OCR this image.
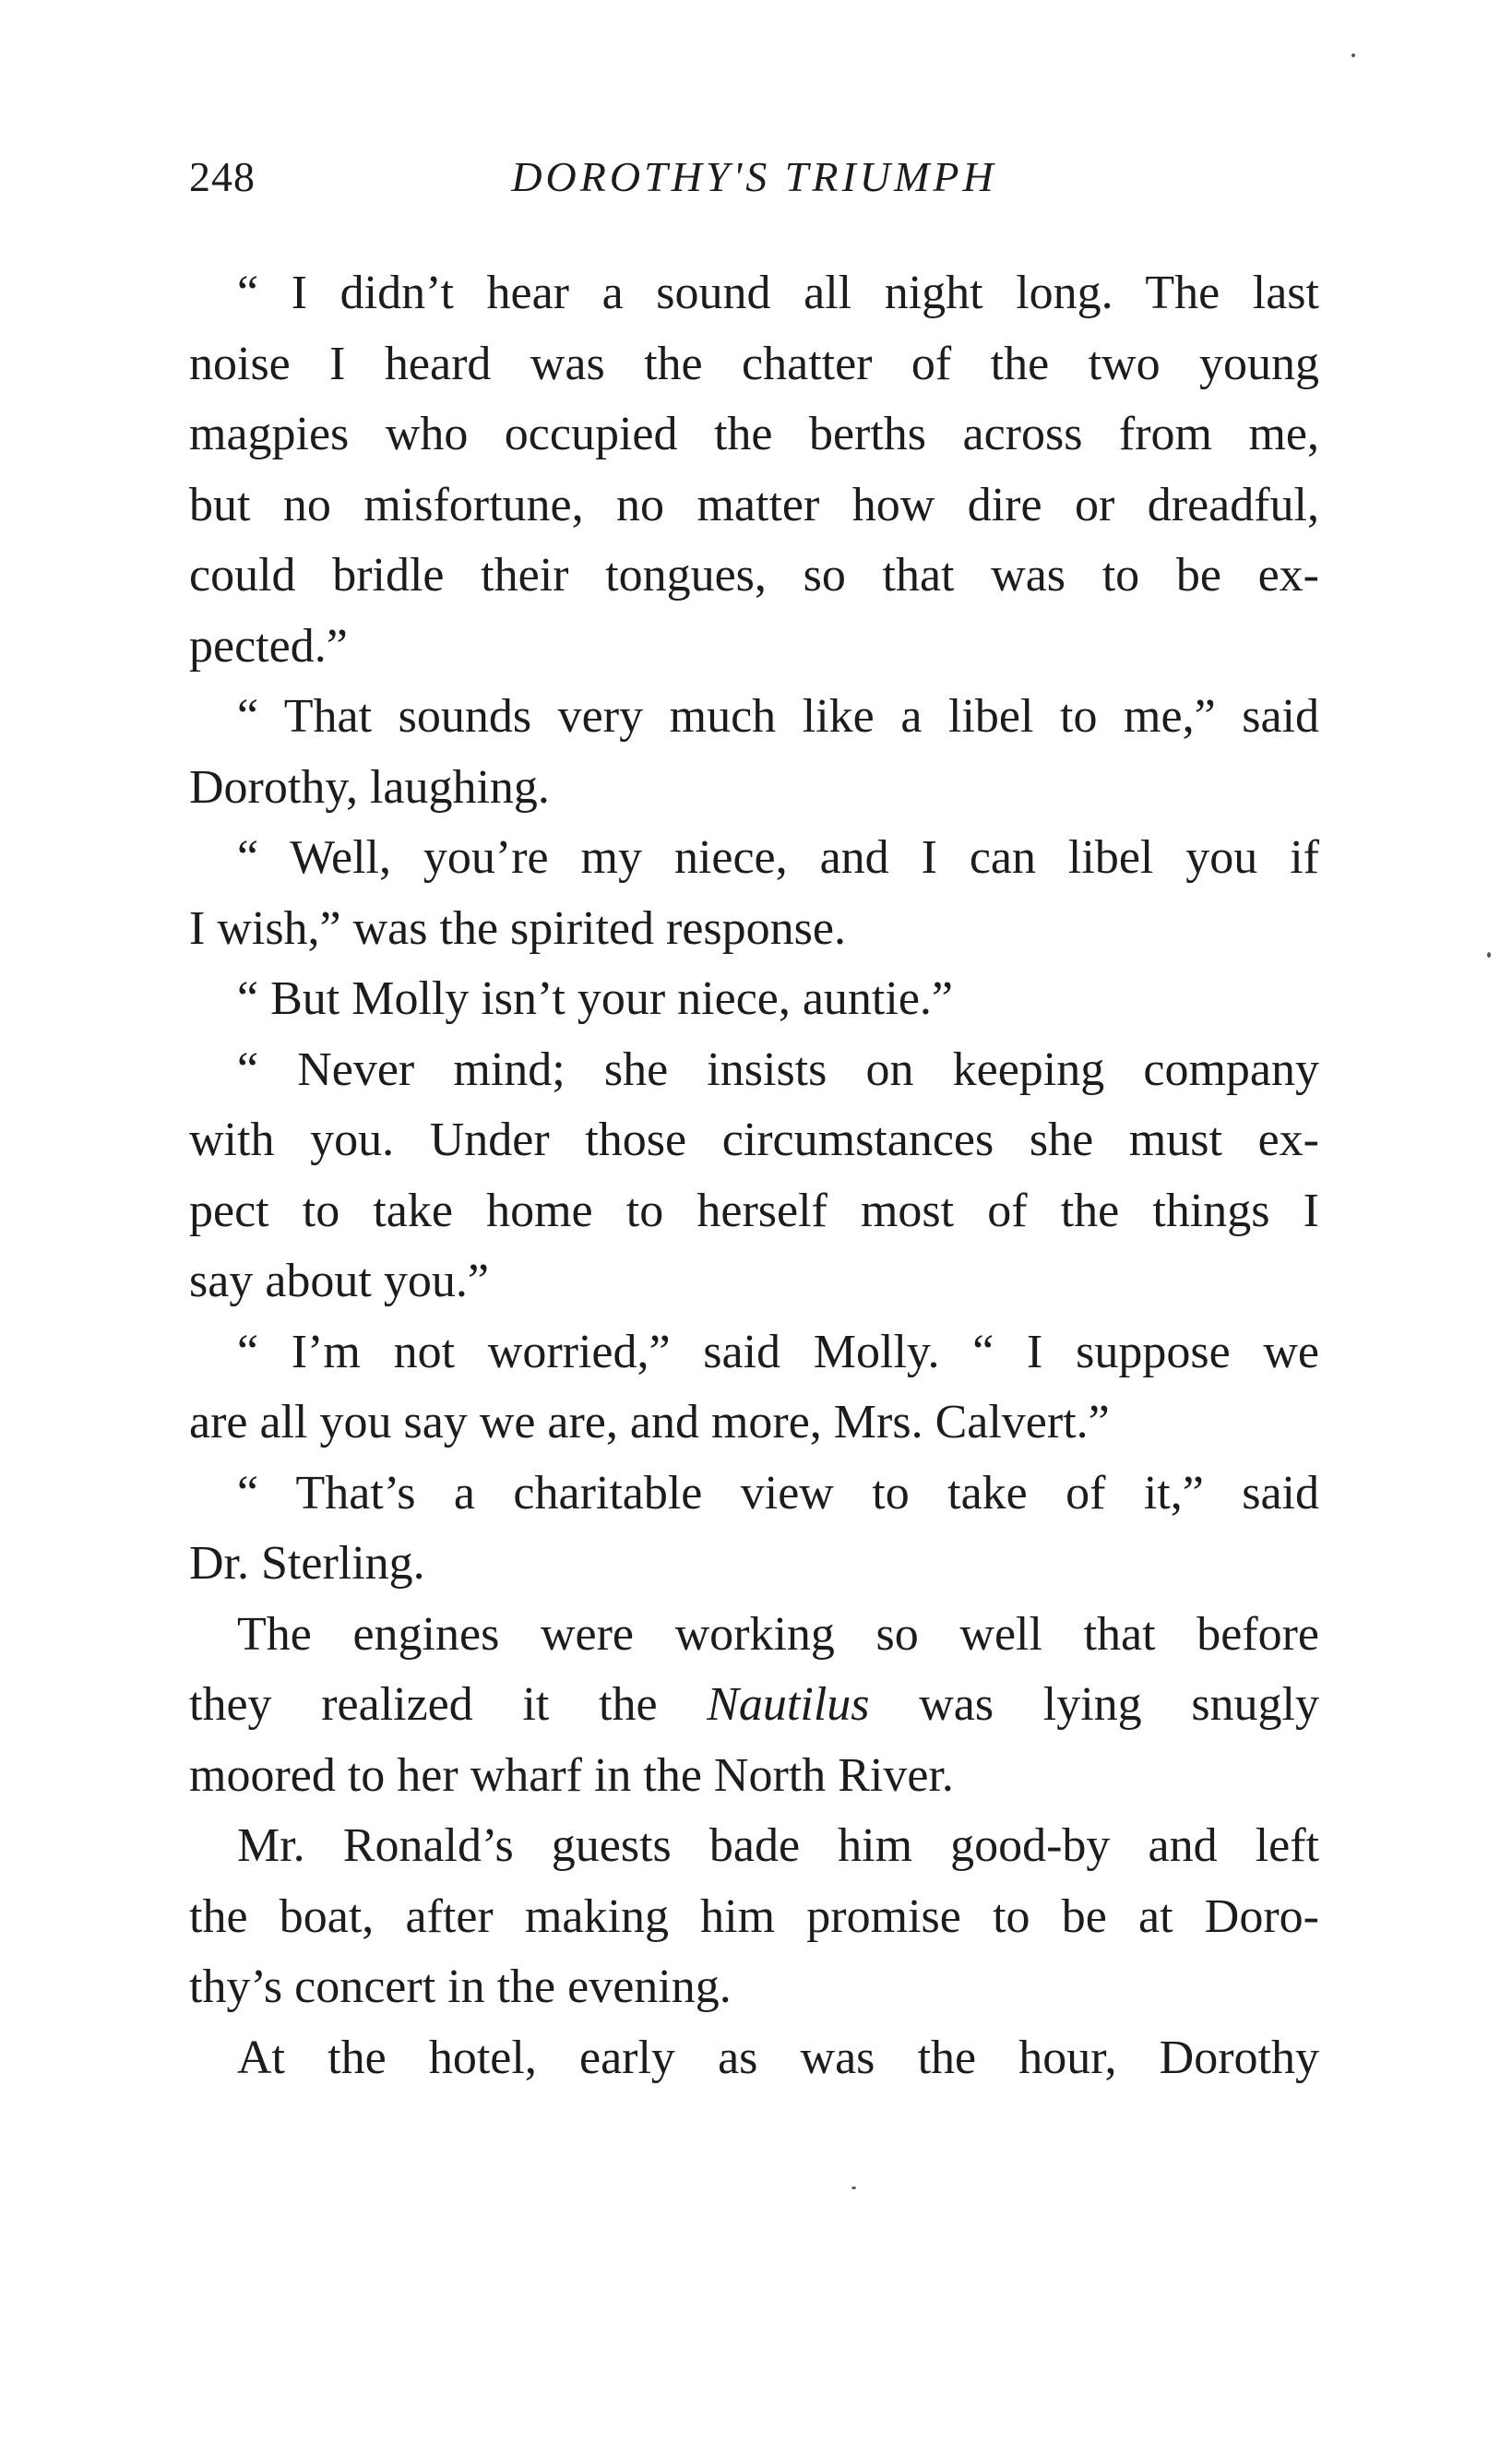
248	DOROTHY'S TRIUMPH
“ I didn’t hear a sound all night long. The last
noise I heard was the chatter of the two young
magpies who occupied the berths across from me,
but no misfortune, no matter how dire or dreadful,
could bridle their tongues, so that was to be ex-
pected.”
“ That sounds very much like a libel to me,” said
Dorothy, laughing.
“ Well, you’re my niece, and I can libel you if
I wish,” was the spirited response.
“ But Molly isn’t your niece, auntie.”
“ Never mind; she insists on keeping company
with you. Under those circumstances she must ex-
pect to take home to herself most of the things I
say about you.”
“ I’m not worried,” said Molly. “ I suppose we
are all you say we are, and more, Mrs. Calvert.”
“ That’s a charitable view to take of it,” said
Dr. Sterling.
The engines were working so well that before
they realized it the Nautilus was lying snugly
moored to her wharf in the North River.
Mr. Ronald’s guests bade him good-by and left
the boat, after making him promise to be at Doro-
thy’s concert in the evening.
At the hotel, early as was the hour, Dorothy
